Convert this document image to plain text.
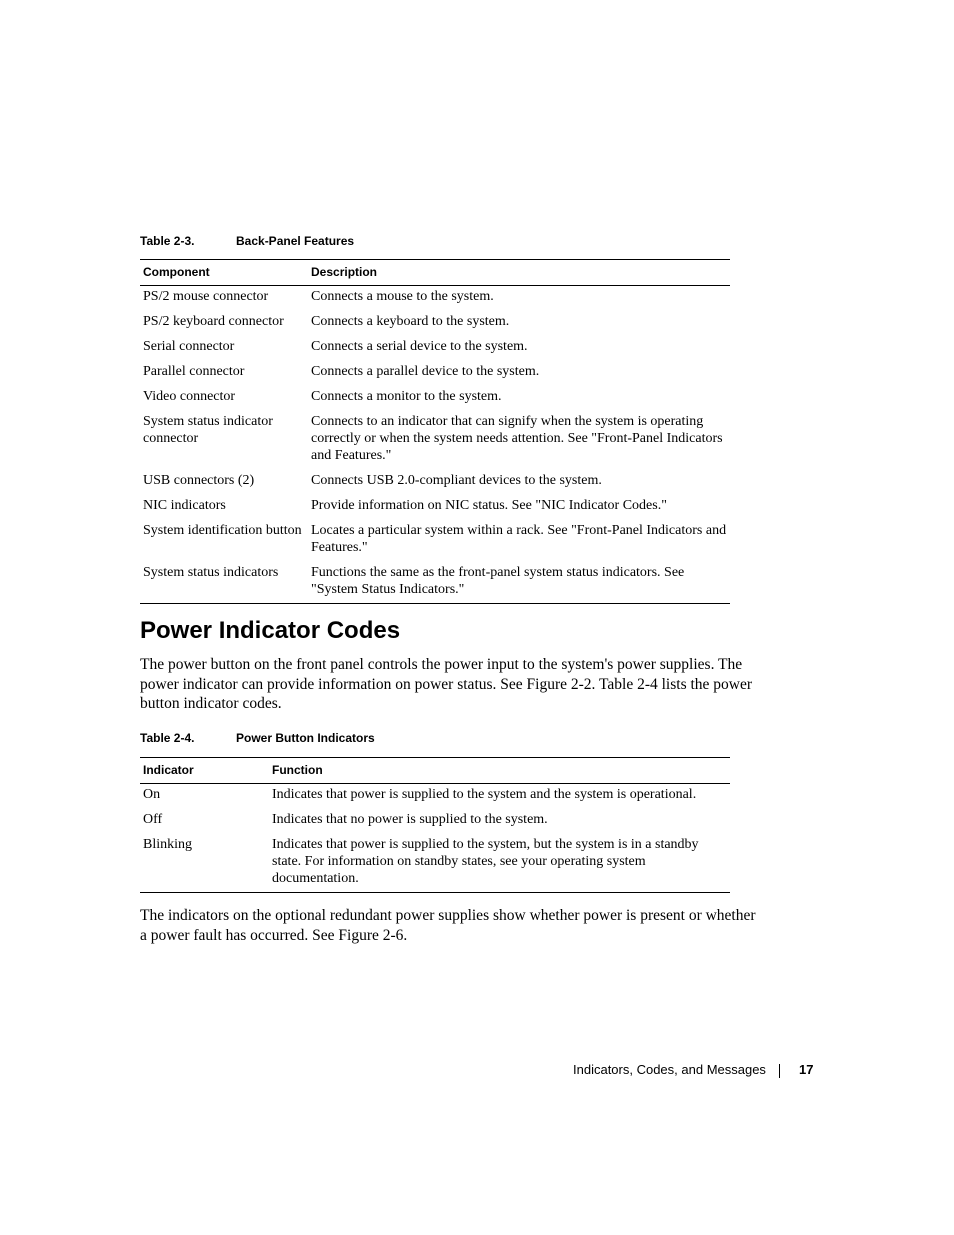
Table 2-3.	Back-Panel Features
Component	Description
PS/2 mouse connector	Connects a mouse to the system.
PS/2 keyboard connector	Connects a keyboard to the system.
Serial connector	Connects a serial device to the system.
Parallel connector	Connects a parallel device to the system.
Video connector	Connects a monitor to the system.
System status indicator connector	Connects to an indicator that can signify when the system is operating correctly or when the system needs attention. See "Front-Panel Indicators and Features."
USB connectors (2)	Connects USB 2.0-compliant devices to the system.
NIC indicators	Provide information on NIC status. See "NIC Indicator Codes."
System identification button	Locates a particular system within a rack. See "Front-Panel Indicators and Features."
System status indicators	Functions the same as the front-panel system status indicators. See "System Status Indicators."
Power Indicator Codes

The power button on the front panel controls the power input to the system's power supplies. The power indicator can provide information on power status. See Figure 2-2. Table 2-4 lists the power button indicator codes.

Table 2-4.	Power Button Indicators
Indicator	Function
On	Indicates that power is supplied to the system and the system is operational.
Off	Indicates that no power is supplied to the system.
Blinking	Indicates that power is supplied to the system, but the system is in a standby state. For information on standby states, see your operating system documentation.

The indicators on the optional redundant power supplies show whether power is present or whether a power fault has occurred. See Figure 2-6.

Indicators, Codes, and Messages	17
